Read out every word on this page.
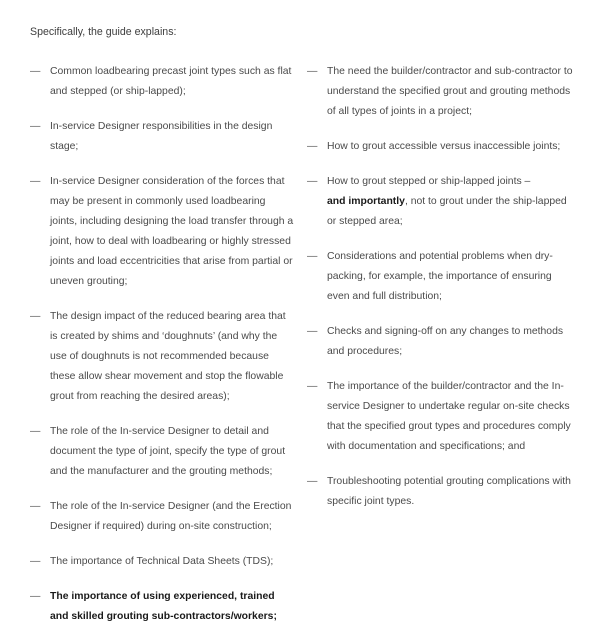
Specifically, the guide explains:
— Common loadbearing precast joint types such as flat and stepped (or ship-lapped);
— In-service Designer responsibilities in the design stage;
— In-service Designer consideration of the forces that may be present in commonly used loadbearing joints, including designing the load transfer through a joint, how to deal with loadbearing or highly stressed joints and load eccentricities that arise from partial or uneven grouting;
— The design impact of the reduced bearing area that is created by shims and ‘doughnuts’ (and why the use of doughnuts is not recommended because these allow shear movement and stop the flowable grout from reaching the desired areas);
— The role of the In-service Designer to detail and document the type of joint, specify the type of grout and the manufacturer and the grouting methods;
— The role of the In-service Designer (and the Erection Designer if required) during on-site construction;
— The importance of Technical Data Sheets (TDS);
— The importance of using experienced, trained and skilled grouting sub-contractors/workers;
— The need the builder/contractor and sub-contractor to understand the specified grout and grouting methods of all types of joints in a project;
— How to grout accessible versus inaccessible joints;
— How to grout stepped or ship-lapped joints –
and importantly, not to grout under the ship-lapped or stepped area;
— Considerations and potential problems when dry-packing, for example, the importance of ensuring even and full distribution;
— Checks and signing-off on any changes to methods and procedures;
— The importance of the builder/contractor and the In-service Designer to undertake regular on-site checks that the specified grout types and procedures comply with documentation and specifications; and
— Troubleshooting potential grouting complications with specific joint types.
